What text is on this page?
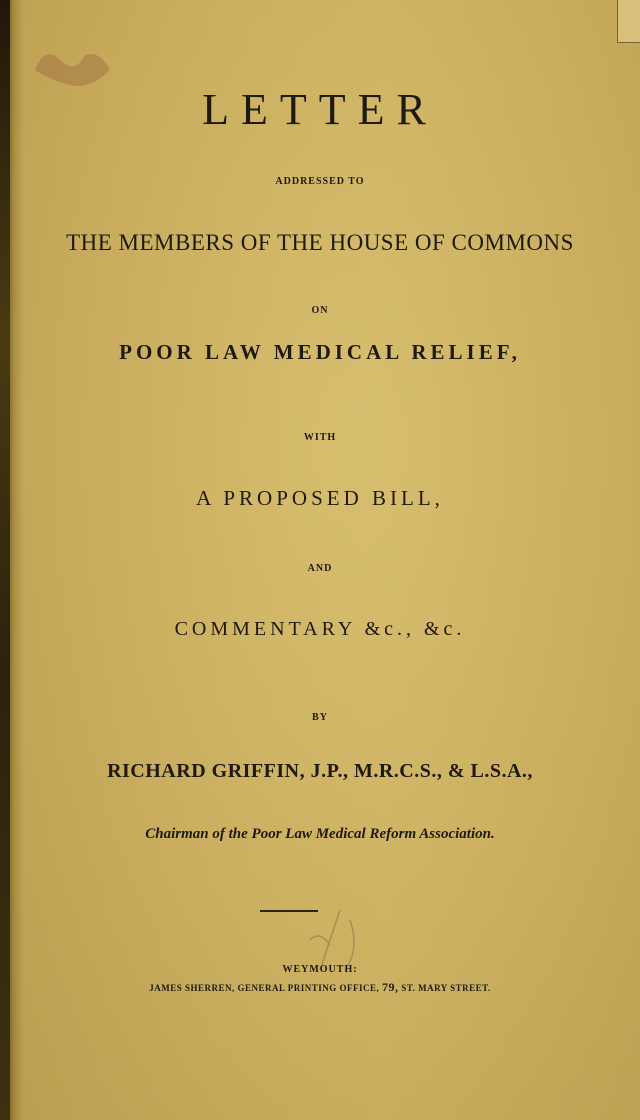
LETTER
ADDRESSED TO
THE MEMBERS OF THE HOUSE OF COMMONS
ON
POOR LAW MEDICAL RELIEF,
WITH
A PROPOSED BILL,
AND
COMMENTARY &c., &c.
BY
RICHARD GRIFFIN, J.P., M.R.C.S., & L.S.A.,
Chairman of the Poor Law Medical Reform Association.
WEYMOUTH:
JAMES SHERREN, GENERAL PRINTING OFFICE, 79, ST. MARY STREET.
